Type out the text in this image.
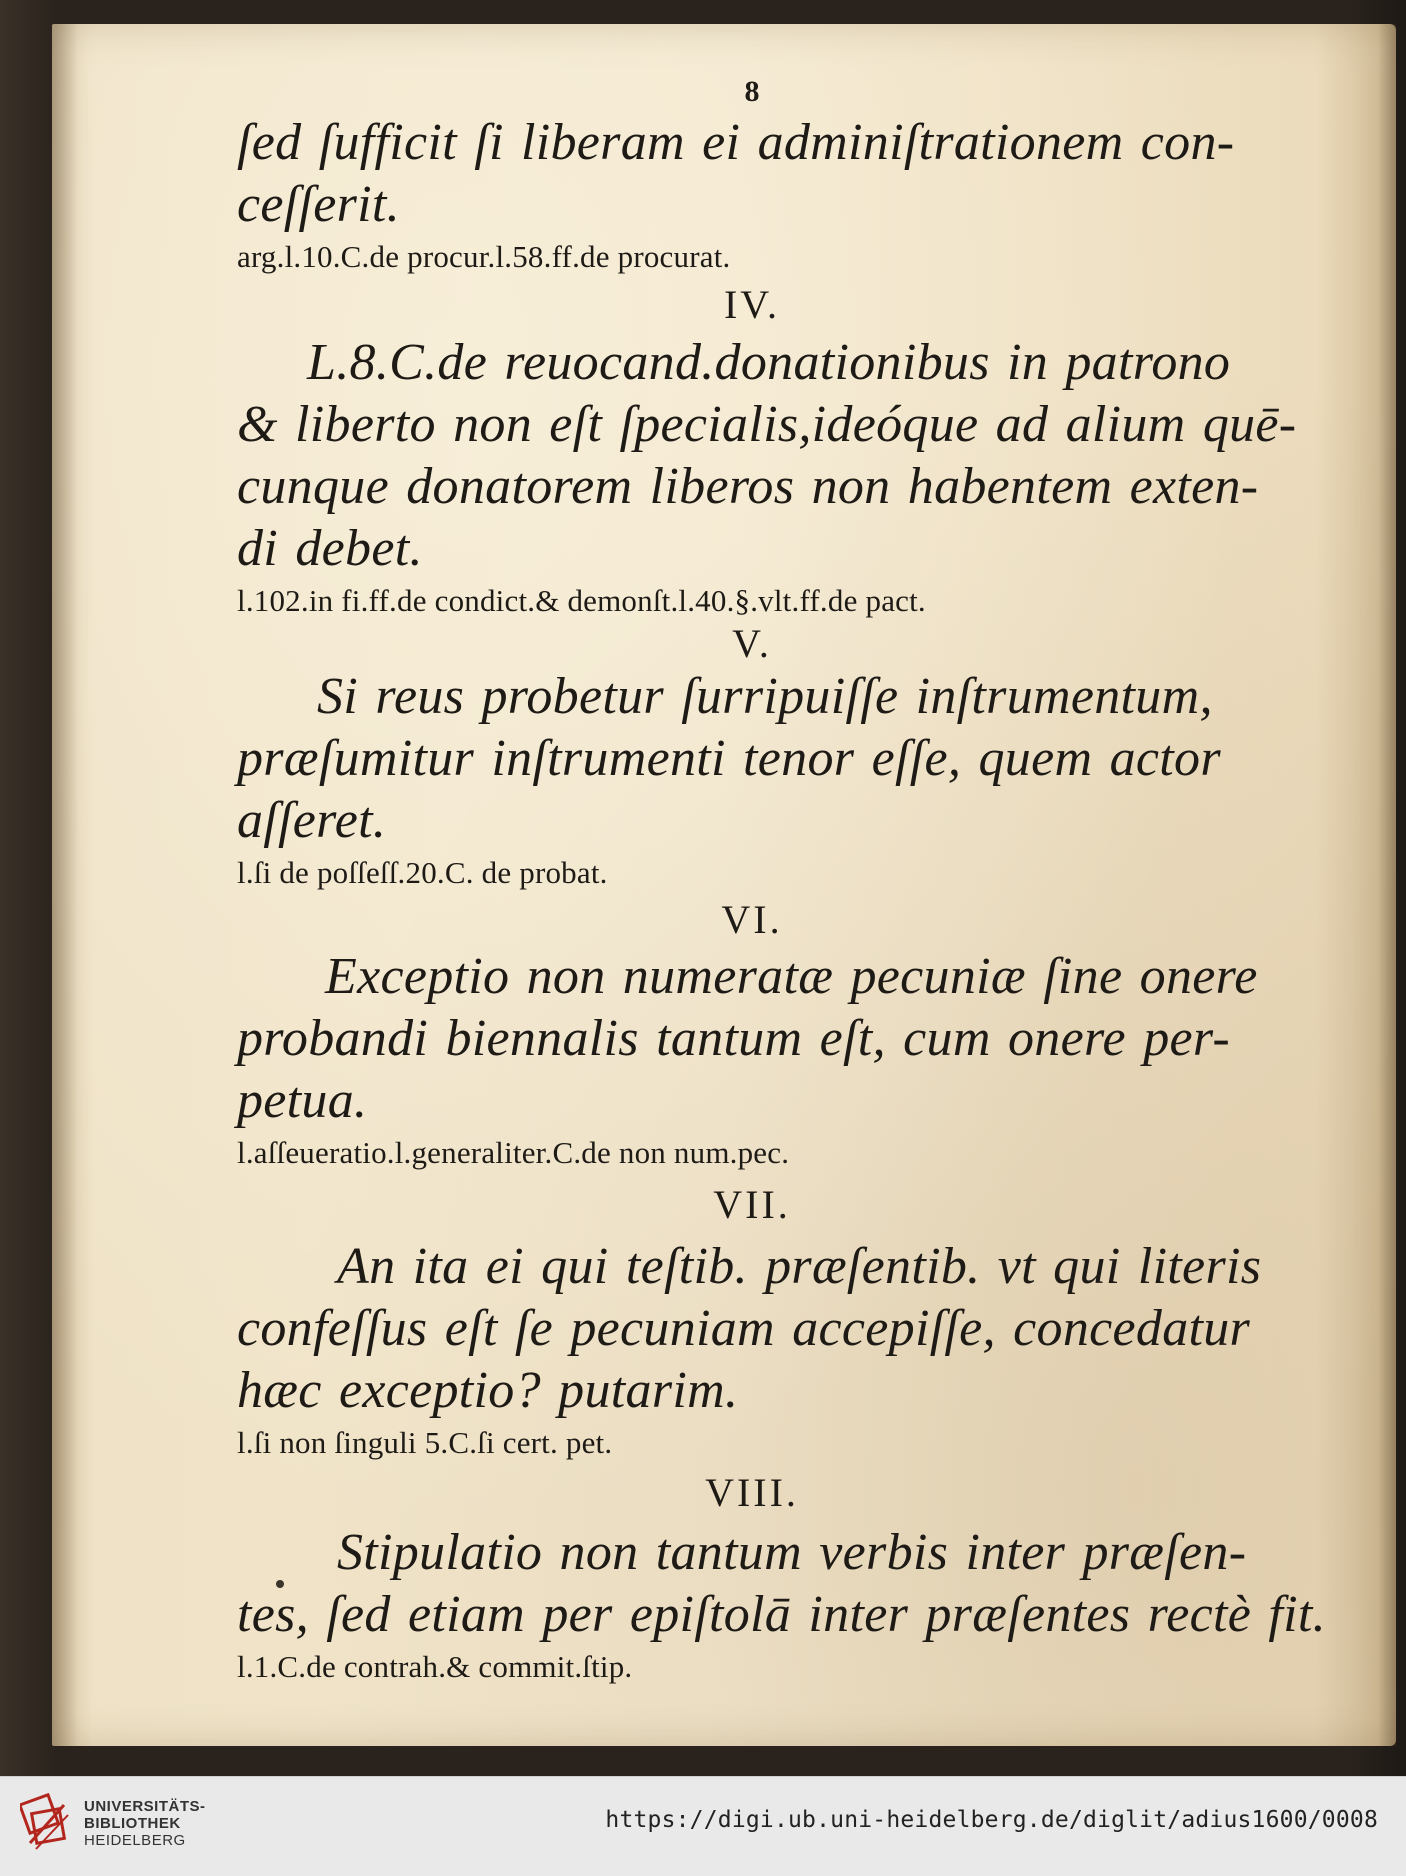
8
ſed ſufficit ſi liberam ei adminiſtrationem con-
ceſſerit.
arg.l.10.C.de procur.l.58.ff.de procurat.
IV.
L.8.C.de reuocand.donationibus in patrono
& liberto non eſt ſpecialis,ideóque ad alium quē-
cunque donatorem liberos non habentem exten-
di debet.
l.102.in fi.ff.de condict.& demonſt.l.40.§.vlt.ff.de pact.
V.
Si reus probetur ſurripuiſſe inſtrumentum,
præſumitur inſtrumenti tenor eſſe, quem actor
aſſeret.
l.ſi de poſſeſſ.20.C. de probat.
VI.
Exceptio non numeratæ pecuniæ ſine onere
probandi biennalis tantum eſt, cum onere per-
petua.
l.aſſeueratio.l.generaliter.C.de non num.pec.
VII.
An ita ei qui teſtib. præſentib. vt qui literis
confeſſus eſt ſe pecuniam accepiſſe, concedatur
hæc exceptio? putarim.
l.ſi non ſinguli 5.C.ſi cert. pet.
VIII.
Stipulatio non tantum verbis inter præſen-
tes, ſed etiam per epiſtolā inter præſentes rectè fit.
l.1.C.de contrah.& commit.ſtip.
UNIVERSITÄTS-
BIBLIOTHEK
HEIDELBERG
https://digi.ub.uni-heidelberg.de/diglit/adius1600/0008
